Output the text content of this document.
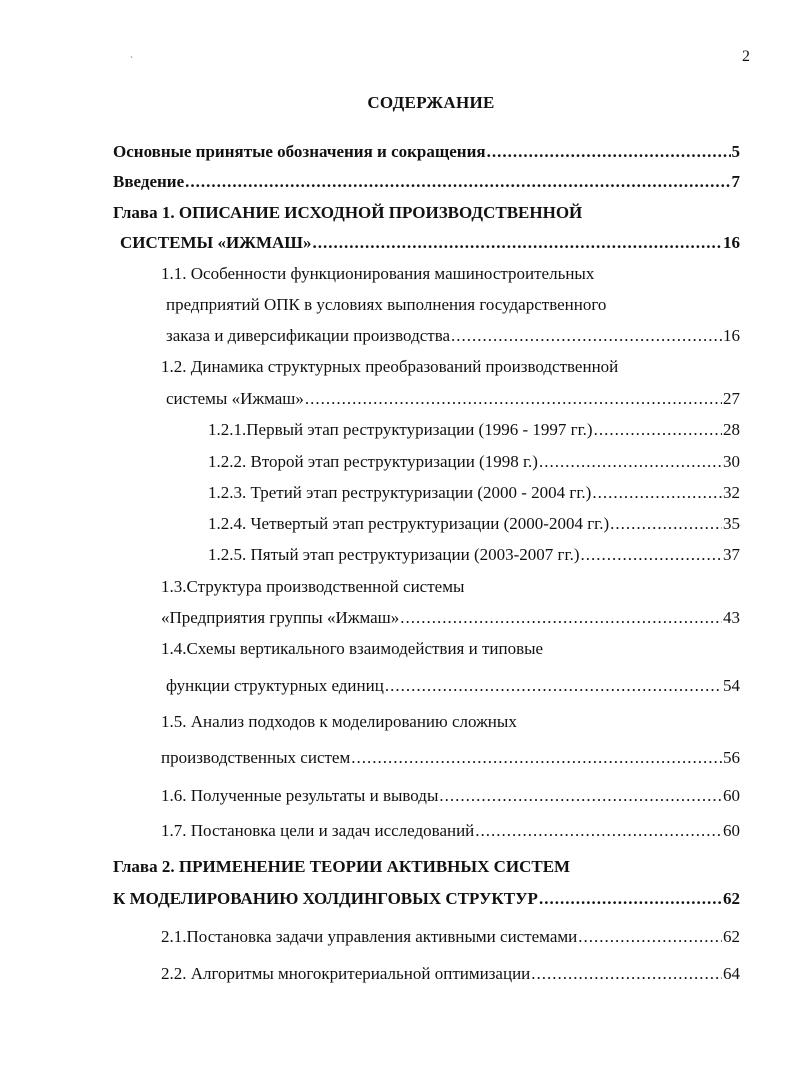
`	2
СОДЕРЖАНИЕ
Основные принятые обозначения и сокращения .....	5
Введение .....	7
Глава 1. ОПИСАНИЕ ИСХОДНОЙ ПРОИЗВОДСТВЕННОЙ
СИСТЕМЫ «ИЖМАШ» .....	16
1.1. Особенности функционирования машиностроительных
предприятий ОПК в условиях выполнения государственного
заказа и диверсификации производства .....	16
1.2. Динамика структурных преобразований производственной
системы «Ижмаш» .....	27
1.2.1.Первый этап реструктуризации (1996 - 1997 гг.) .....	28
1.2.2. Второй этап реструктуризации (1998 г.) .....	30
1.2.3. Третий этап реструктуризации (2000 - 2004 гг.) .....	32
1.2.4. Четвертый этап реструктуризации (2000-2004 гг.) .....	35
1.2.5. Пятый этап реструктуризации (2003-2007 гг.) .....	37
1.3.Структура производственной системы
«Предприятия группы «Ижмаш» .....	43
1.4.Схемы вертикального взаимодействия и типовые
функции структурных единиц .....	54
1.5. Анализ подходов к моделированию сложных
производственных систем .....	56
1.6. Полученные результаты и выводы .....	60
1.7. Постановка цели и задач исследований .....	60
Глава 2. ПРИМЕНЕНИЕ ТЕОРИИ АКТИВНЫХ СИСТЕМ
К МОДЕЛИРОВАНИЮ ХОЛДИНГОВЫХ СТРУКТУР .....	62
2.1.Постановка задачи управления активными системами .....	62
2.2. Алгоритмы многокритериальной оптимизации .....	64
